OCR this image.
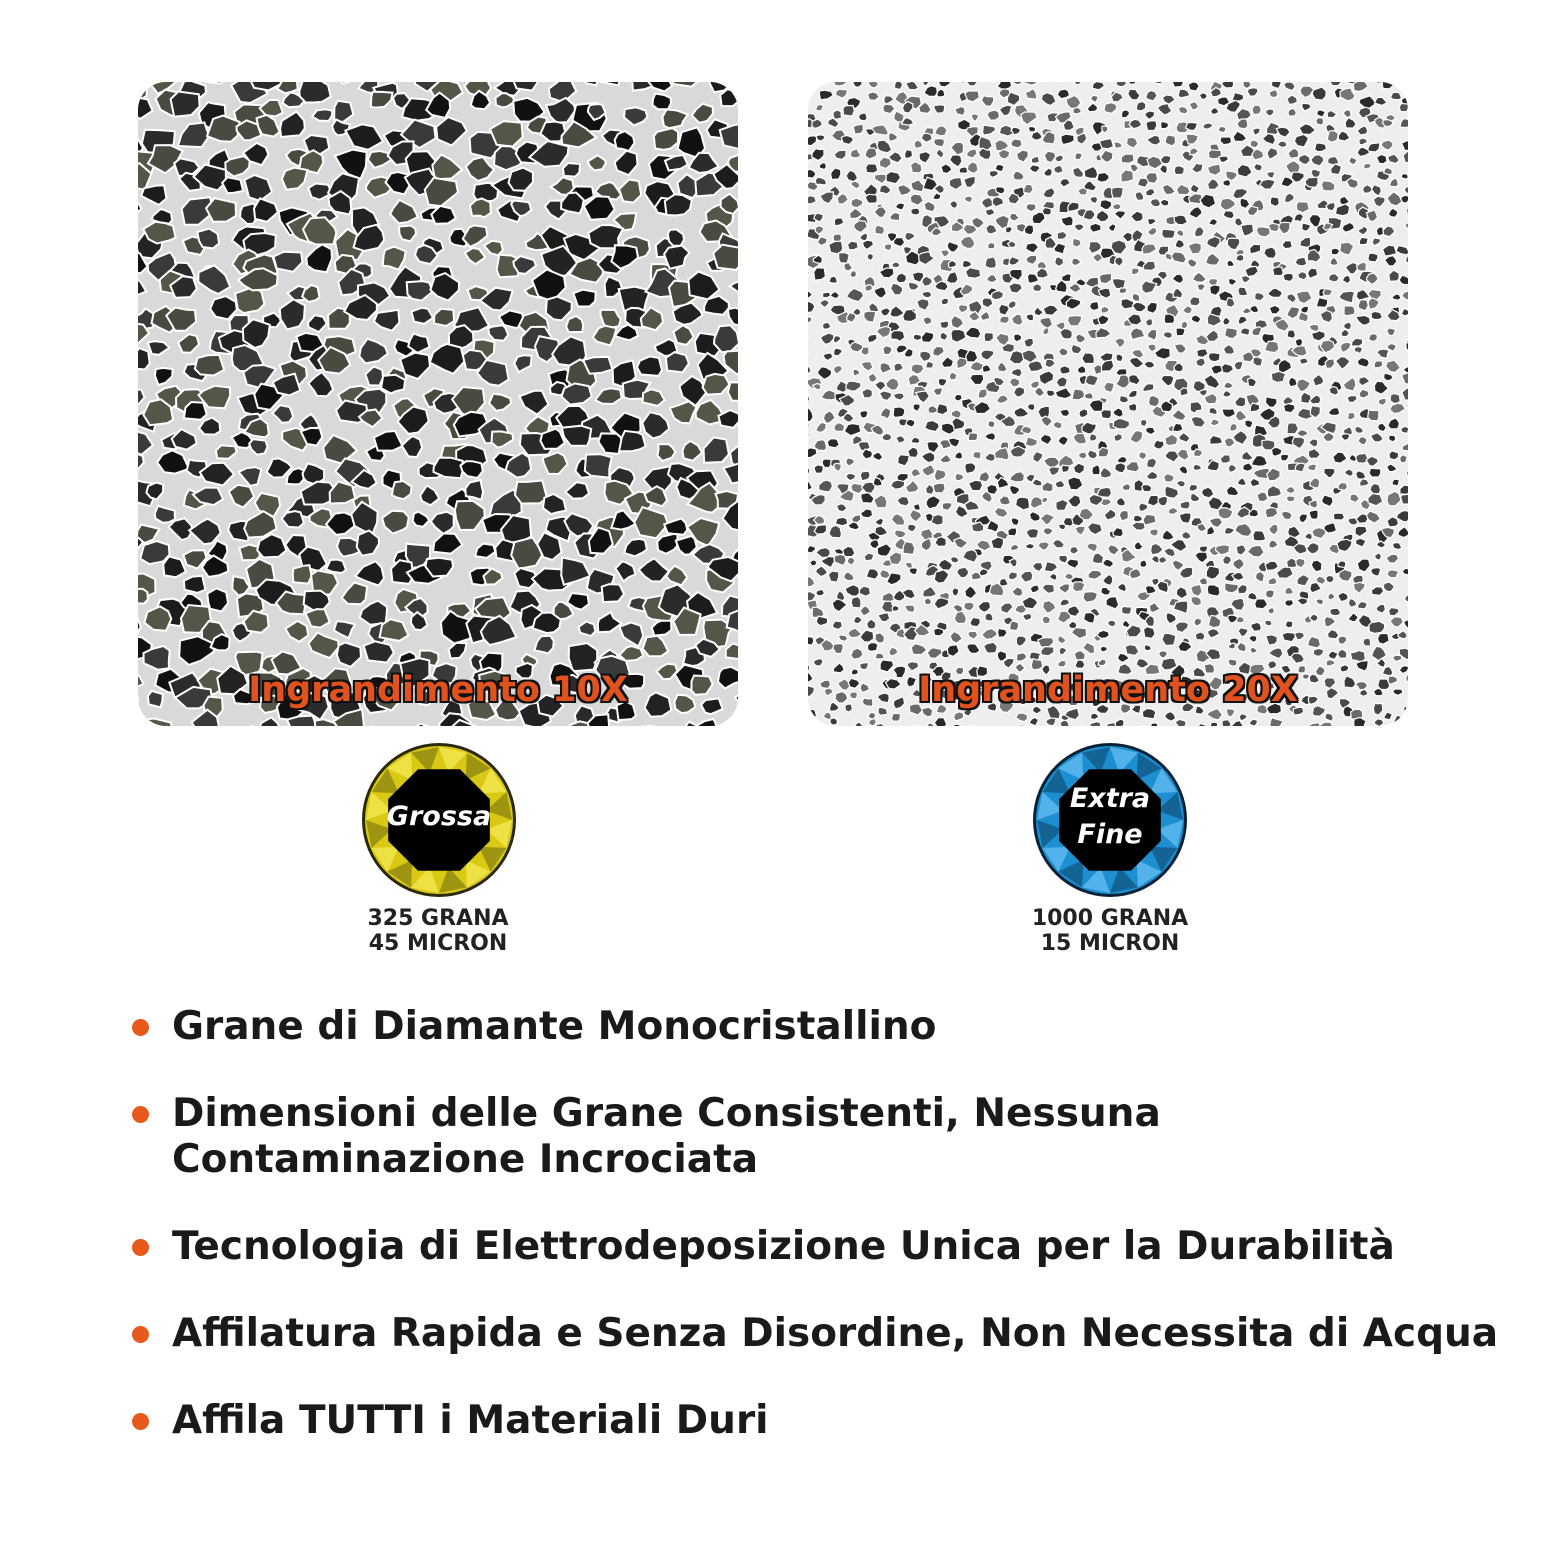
Ingrandimento 10X	Ingrandimento 20X
Grossa
Extra
Fine
325 GRANA
45 MICRON
1000 GRANA
15 MICRON
Grane di Diamante Monocristallino
Dimensioni delle Grane Consistenti, Nessuna
Contaminazione Incrociata
Tecnologia di Elettrodeposizione Unica per la Durabilità
Affilatura Rapida e Senza Disordine, Non Necessita di Acqua
Affila TUTTI i Materiali Duri
